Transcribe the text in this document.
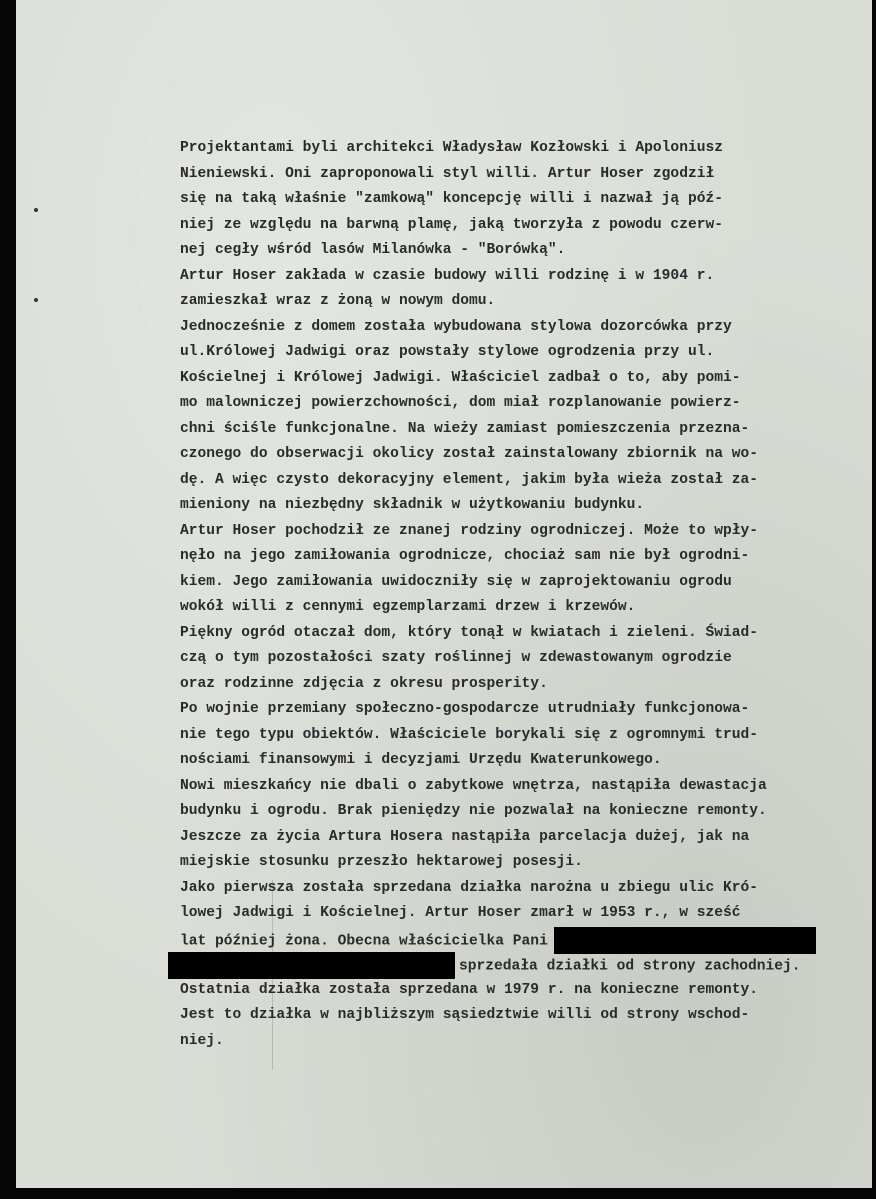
Projektantami byli architekci Władysław Kozłowski i Apoloniusz
Nieniewski. Oni zaproponowali styl willi. Artur Hoser zgodził
się na taką właśnie "zamkową" koncepcję willi i nazwał ją póź-
niej ze względu na barwną plamę, jaką tworzyła z powodu czerw-
nej cegły wśród lasów Milanówka - "Borówką".
Artur Hoser zakłada w czasie budowy willi rodzinę i w 1904 r.
zamieszkał wraz z żoną w nowym domu.
Jednocześnie z domem została wybudowana stylowa dozorcówka przy
ul.Królowej Jadwigi oraz powstały stylowe ogrodzenia przy ul.
Kościelnej i Królowej Jadwigi. Właściciel zadbał o to, aby pomi-
mo malowniczej powierzchowności, dom miał rozplanowanie powierz-
chni ściśle funkcjonalne. Na wieży zamiast pomieszczenia przezna-
czonego do obserwacji okolicy został zainstalowany zbiornik na wo-
dę. A więc czysto dekoracyjny element, jakim była wieża został za-
mieniony na niezbędny składnik w użytkowaniu budynku.
Artur Hoser pochodził ze znanej rodziny ogrodniczej. Może to wpły-
nęło na jego zamiłowania ogrodnicze, chociaż sam nie był ogrodni-
kiem. Jego zamiłowania uwidoczniły się w zaprojektowaniu ogrodu
wokół willi z cennymi egzemplarzami drzew i krzewów.
Piękny ogród otaczał dom, który tonął w kwiatach i zieleni. Świad-
czą o tym pozostałości szaty roślinnej w zdewastowanym ogrodzie
oraz rodzinne zdjęcia z okresu prosperity.
Po wojnie przemiany społeczno-gospodarcze utrudniały funkcjonowa-
nie tego typu obiektów. Właściciele borykali się z ogromnymi trud-
nościami finansowymi i decyzjami Urzędu Kwaterunkowego.
Nowi mieszkańcy nie dbali o zabytkowe wnętrza, nastąpiła dewastacja
budynku i ogrodu. Brak pieniędzy nie pozwalał na konieczne remonty.
Jeszcze za życia Artura Hosera nastąpiła parcelacja dużej, jak na
miejskie stosunku przeszło hektarowej posesji.
Jako pierwsza została sprzedana działka narożna u zbiegu ulic Kró-
lowej Jadwigi i Kościelnej. Artur Hoser zmarł w 1953 r., w sześć
lat później żona. Obecna właścicielka Pani
sprzedała działki od strony zachodniej.
Ostatnia działka została sprzedana w 1979 r. na konieczne remonty.
Jest to działka w najbliższym sąsiedztwie willi od strony wschod-
niej.
